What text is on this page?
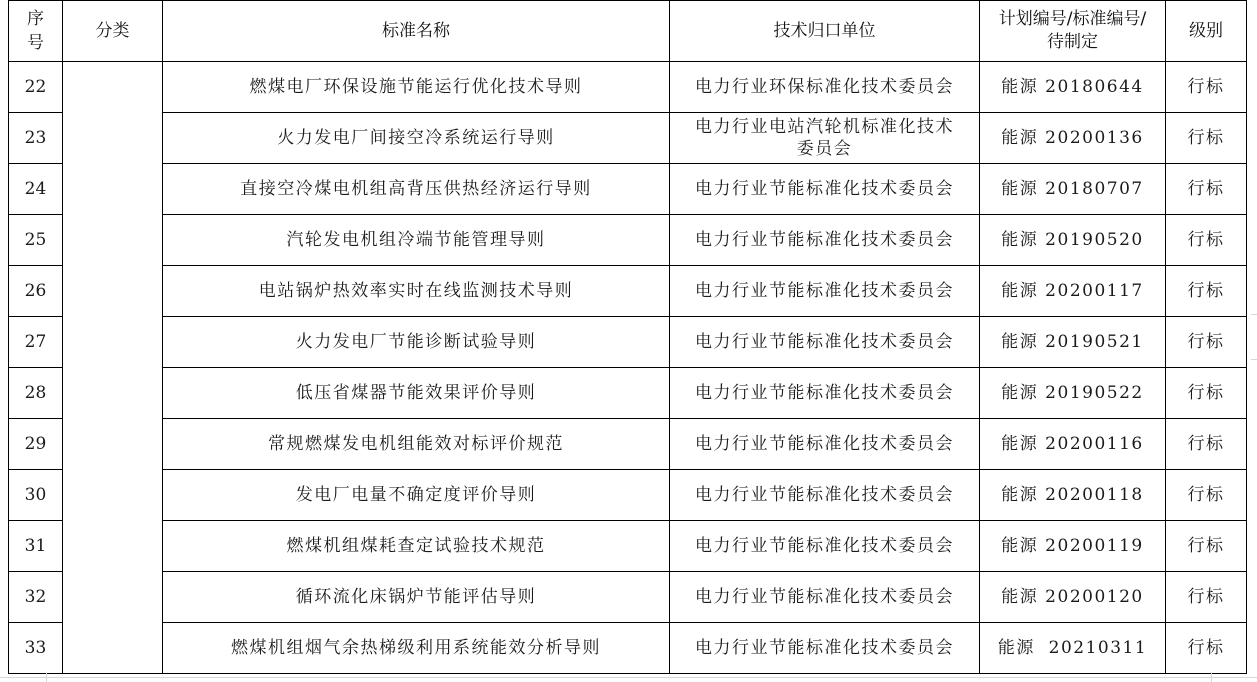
序号	分类	标准名称	技术归口单位	计划编号/标准编号/待制定	级别
22		燃煤电厂环保设施节能运行优化技术导则	电力行业环保标准化技术委员会	能源 20180644	行标
23		火力发电厂间接空冷系统运行导则	电力行业电站汽轮机标准化技术委员会	能源 20200136	行标
24		直接空冷煤电机组高背压供热经济运行导则	电力行业节能标准化技术委员会	能源 20180707	行标
25		汽轮发电机组冷端节能管理导则	电力行业节能标准化技术委员会	能源 20190520	行标
26		电站锅炉热效率实时在线监测技术导则	电力行业节能标准化技术委员会	能源 20200117	行标
27		火力发电厂节能诊断试验导则	电力行业节能标准化技术委员会	能源 20190521	行标
28		低压省煤器节能效果评价导则	电力行业节能标准化技术委员会	能源 20190522	行标
29		常规燃煤发电机组能效对标评价规范	电力行业节能标准化技术委员会	能源 20200116	行标
30		发电厂电量不确定度评价导则	电力行业节能标准化技术委员会	能源 20200118	行标
31		燃煤机组煤耗查定试验技术规范	电力行业节能标准化技术委员会	能源 20200119	行标
32		循环流化床锅炉节能评估导则	电力行业节能标准化技术委员会	能源 20200120	行标
33		燃煤机组烟气余热梯级利用系统能效分析导则	电力行业节能标准化技术委员会	能源  20210311	行标
